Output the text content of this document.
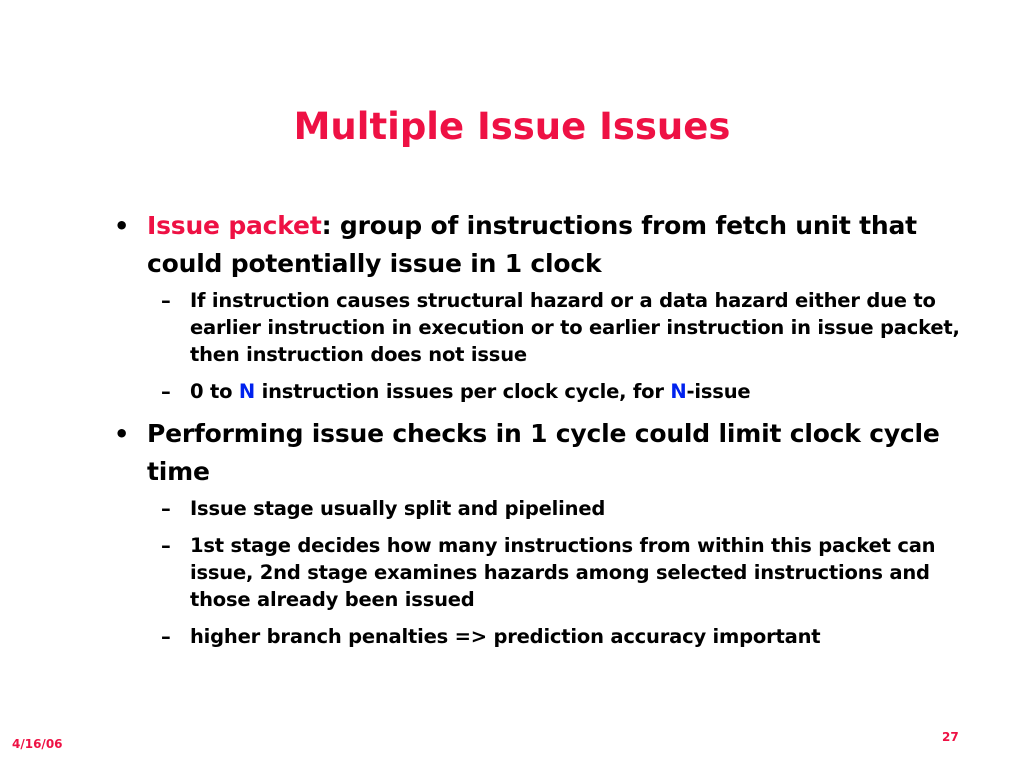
Multiple Issue Issues
• Issue packet: group of instructions from fetch unit that could potentially issue in 1 clock
– If instruction causes structural hazard or a data hazard either due to earlier instruction in execution or to earlier instruction in issue packet, then instruction does not issue
– 0 to N instruction issues per clock cycle, for N-issue
• Performing issue checks in 1 cycle could limit clock cycle time
– Issue stage usually split and pipelined
– 1st stage decides how many instructions from within this packet can issue, 2nd stage examines hazards among selected instructions and those already been issued
– higher branch penalties => prediction accuracy important
4/16/06	27
